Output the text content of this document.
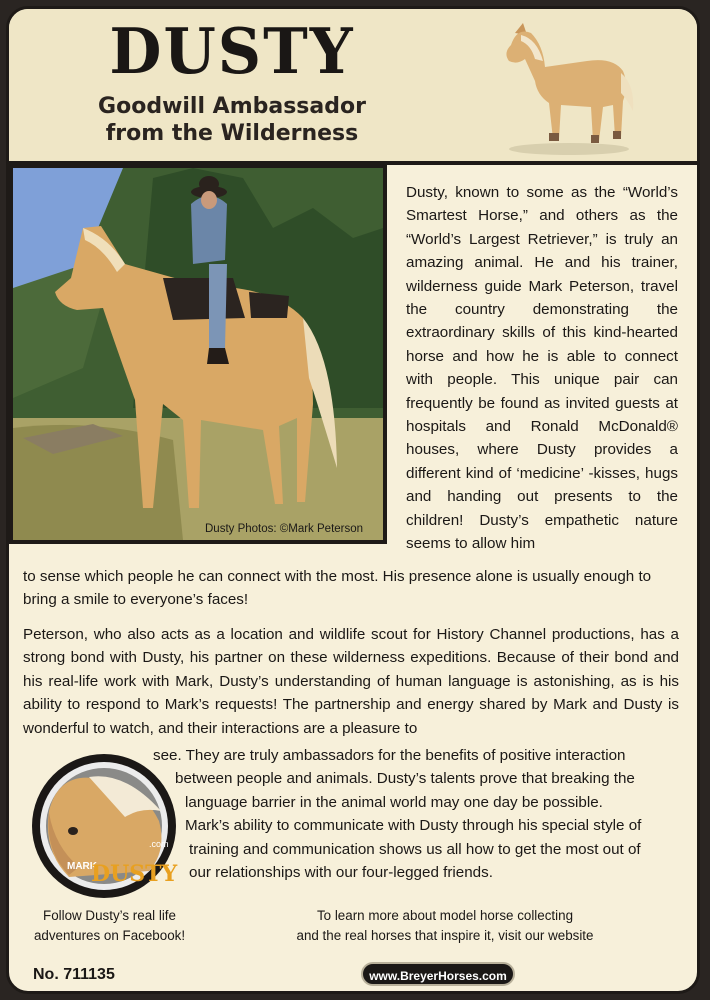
DUSTY
Goodwill Ambassador
from the Wilderness
Dusty Photos: ©Mark Peterson
Dusty, known to some as the “World’s Smartest Horse,” and others as the “World’s Largest Retriever,” is truly an amazing animal. He and his trainer, wilderness guide Mark Peterson, travel the country demonstrating the extraordinary skills of this kind-hearted horse and how he is able to connect with people. This unique pair can frequently be found as invited guests at hospitals and Ronald McDonald® houses, where Dusty provides a different kind of ‘medicine’ -kisses, hugs and handing out presents to the children! Dusty’s empathetic nature seems to allow him
to sense which people he can connect with the most. His presence alone is usually enough to bring a smile to everyone’s faces!
Peterson, who also acts as a location and wildlife scout for History Channel productions, has a strong bond with Dusty, his partner on these wilderness expeditions. Because of their bond and his real-life work with Mark, Dusty’s understanding of human language is astonishing, as is his ability to respond to Mark’s requests! The partnership and energy shared by Mark and Dusty is wonderful to watch, and their interactions are a pleasure to
see. They are truly ambassadors for the benefits of positive interaction
between people and animals. Dusty’s talents prove that breaking the
language barrier in the animal world may one day be possible.
Mark’s ability to communicate with Dusty through his special style of
training and communication shows us all how to get the most out of
our relationships with our four-legged friends.
MARK
DUSTY
.com
Follow Dusty’s real life
adventures on Facebook!
To learn more about model horse collecting
and the real horses that inspire it, visit our website
No. 711135	www.BreyerHorses.com
